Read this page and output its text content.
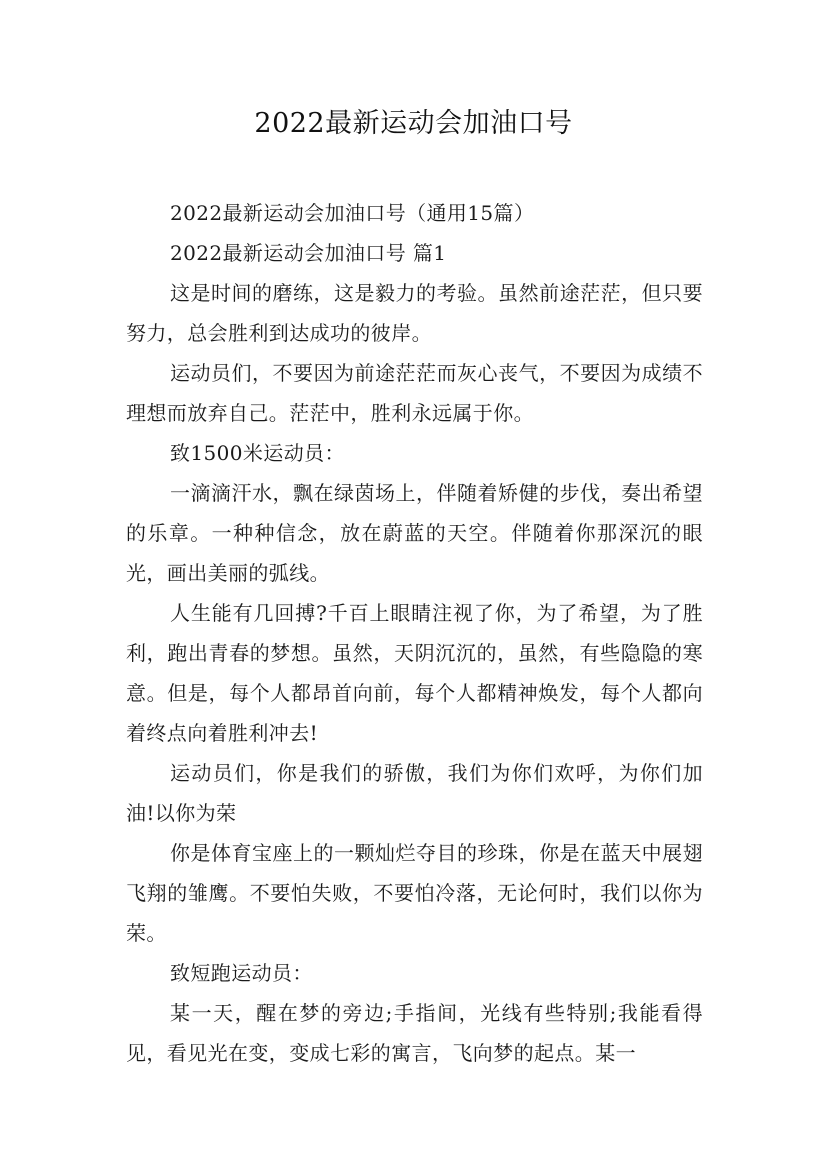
2022最新运动会加油口号

2022最新运动会加油口号（通用15篇）

2022最新运动会加油口号 篇1

这是时间的磨练，这是毅力的考验。虽然前途茫茫，但只要努力，总会胜利到达成功的彼岸。

运动员们，不要因为前途茫茫而灰心丧气，不要因为成绩不理想而放弃自己。茫茫中，胜利永远属于你。

致1500米运动员：

一滴滴汗水，飘在绿茵场上，伴随着矫健的步伐，奏出希望的乐章。一种种信念，放在蔚蓝的天空。伴随着你那深沉的眼光，画出美丽的弧线。

人生能有几回搏?千百上眼睛注视了你，为了希望，为了胜利，跑出青春的梦想。虽然，天阴沉沉的，虽然，有些隐隐的寒意。但是，每个人都昂首向前，每个人都精神焕发，每个人都向着终点向着胜利冲去!

运动员们，你是我们的骄傲，我们为你们欢呼，为你们加油!以你为荣

你是体育宝座上的一颗灿烂夺目的珍珠，你是在蓝天中展翅飞翔的雏鹰。不要怕失败，不要怕冷落，无论何时，我们以你为荣。

致短跑运动员：

某一天，醒在梦的旁边;手指间，光线有些特别;我能看得见，看见光在变，变成七彩的寓言，飞向梦的起点。某一
